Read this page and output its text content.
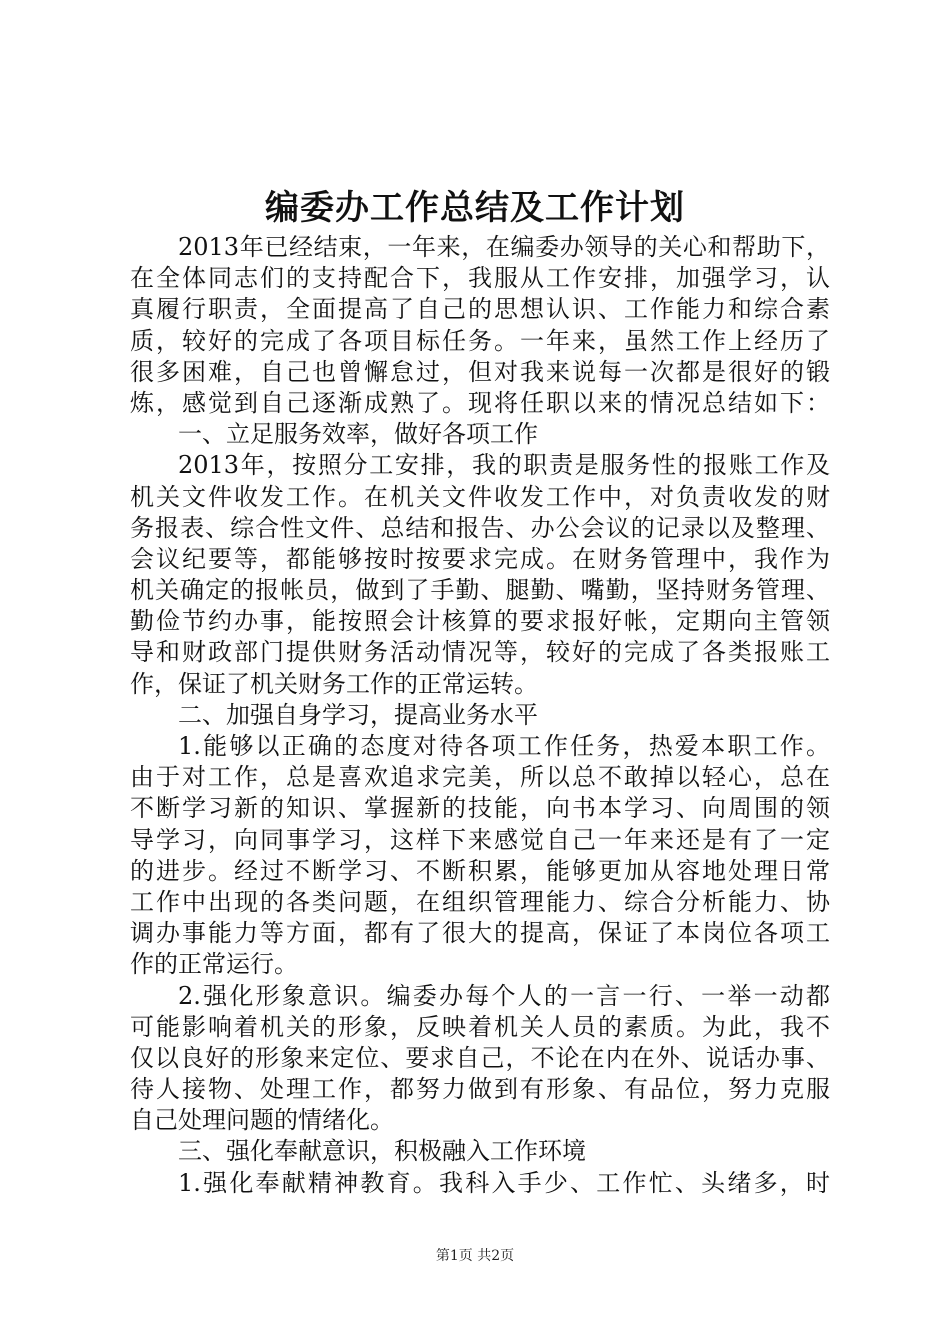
编委办工作总结及工作计划
2013年已经结束，一年来，在编委办领导的关心和帮助下，
在全体同志们的支持配合下，我服从工作安排，加强学习，认
真履行职责，全面提高了自己的思想认识、工作能力和综合素
质，较好的完成了各项目标任务。一年来，虽然工作上经历了
很多困难，自己也曾懈怠过，但对我来说每一次都是很好的锻
炼，感觉到自己逐渐成熟了。现将任职以来的情况总结如下：
一、立足服务效率，做好各项工作
2013年，按照分工安排，我的职责是服务性的报账工作及
机关文件收发工作。在机关文件收发工作中，对负责收发的财
务报表、综合性文件、总结和报告、办公会议的记录以及整理、
会议纪要等，都能够按时按要求完成。在财务管理中，我作为
机关确定的报帐员，做到了手勤、腿勤、嘴勤，坚持财务管理、
勤俭节约办事，能按照会计核算的要求报好帐，定期向主管领
导和财政部门提供财务活动情况等，较好的完成了各类报账工
作，保证了机关财务工作的正常运转。
二、加强自身学习，提高业务水平
1.能够以正确的态度对待各项工作任务，热爱本职工作。
由于对工作，总是喜欢追求完美，所以总不敢掉以轻心，总在
不断学习新的知识、掌握新的技能，向书本学习、向周围的领
导学习，向同事学习，这样下来感觉自己一年来还是有了一定
的进步。经过不断学习、不断积累，能够更加从容地处理日常
工作中出现的各类问题，在组织管理能力、综合分析能力、协
调办事能力等方面，都有了很大的提高，保证了本岗位各项工
作的正常运行。
2.强化形象意识。编委办每个人的一言一行、一举一动都
可能影响着机关的形象，反映着机关人员的素质。为此，我不
仅以良好的形象来定位、要求自己，不论在内在外、说话办事、
待人接物、处理工作，都努力做到有形象、有品位，努力克服
自己处理问题的情绪化。
三、强化奉献意识，积极融入工作环境
1.强化奉献精神教育。我科入手少、工作忙、头绪多，时
第1页 共2页
